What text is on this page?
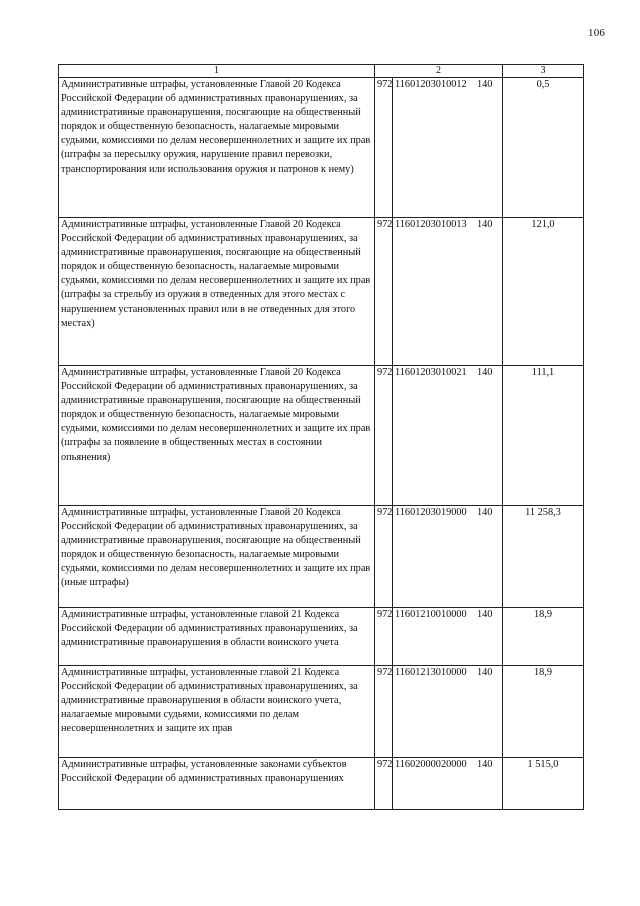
106
1	2		3
Административные штрафы, установленные Главой 20 Кодекса Российской Федерации об административных правонарушениях, за административные правонарушения, посягающие на общественный порядок и общественную безопасность, налагаемые мировыми судьями, комиссиями по делам несовершеннолетних и защите их прав (штрафы за пересылку оружия, нарушение правил перевозки, транспортирования или использования оружия и патронов к нему)	972	11601203010012 140	0,5
Административные штрафы, установленные Главой 20 Кодекса Российской Федерации об административных правонарушениях, за административные правонарушения, посягающие на общественный порядок и общественную безопасность, налагаемые мировыми судьями, комиссиями по делам несовершеннолетних и защите их прав (штрафы за стрельбу из оружия в отведенных для этого местах с нарушением установленных правил или в не отведенных для этого местах)	972	11601203010013 140	121,0
Административные штрафы, установленные Главой 20 Кодекса Российской Федерации об административных правонарушениях, за административные правонарушения, посягающие на общественный порядок и общественную безопасность, налагаемые мировыми судьями, комиссиями по делам несовершеннолетних и защите их прав (штрафы за появление в общественных местах в состоянии опьянения)	972	11601203010021 140	111,1
Административные штрафы, установленные Главой 20 Кодекса Российской Федерации об административных правонарушениях, за административные правонарушения, посягающие на общественный порядок и общественную безопасность, налагаемые мировыми судьями, комиссиями по делам несовершеннолетних и защите их прав (иные штрафы)	972	11601203019000 140	11 258,3
Административные штрафы, установленные главой 21 Кодекса Российской Федерации об административных правонарушениях, за административные правонарушения в области воинского учета	972	11601210010000 140	18,9
Административные штрафы, установленные главой 21 Кодекса Российской Федерации об административных правонарушениях, за административные правонарушения в области воинского учета, налагаемые мировыми судьями, комиссиями по делам несовершеннолетних и защите их прав	972	11601213010000 140	18,9
Административные штрафы, установленные законами субъектов Российской Федерации об административных правонарушениях	972	11602000020000 140	1 515,0
